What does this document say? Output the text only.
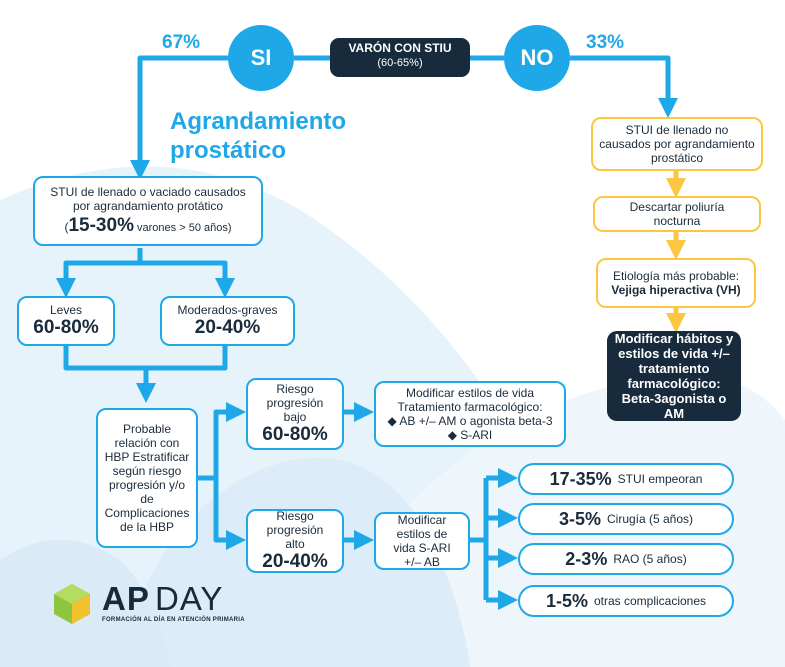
67%
SI	VARÓN CON STIU
(60-65%)	NO
33%
Agrandamiento
prostático
STUI de llenado o vaciado causados
por agrandamiento protático
(15-30% varones > 50 años)
Leves
60-80%
Moderados-graves
20-40%
Probable relación con HBP Estratificar según riesgo progresión y/o de Complicaciones de la HBP
Riesgo progresión bajo
60-80%
Riesgo progresión alto
20-40%
Modificar estilos de vida
Tratamiento farmacológico:
◆ AB +/– AM o agonista beta-3
◆ S-ARI
Modificar estilos de vida S-ARI +/– AB
17-35% STUI empeoran
3-5% Cirugía (5 años)
2-3% RAO (5 años)
1-5% otras complicaciones
STUI de llenado no causados por agrandamiento prostático
Descartar poliuría nocturna
Etiología más probable: Vejiga hiperactiva (VH)
Modificar hábitos y estilos de vida +/– tratamiento farmacológico: Beta-3agonista o AM
AP DAY
FORMACIÓN AL DÍA EN ATENCIÓN PRIMARIA
